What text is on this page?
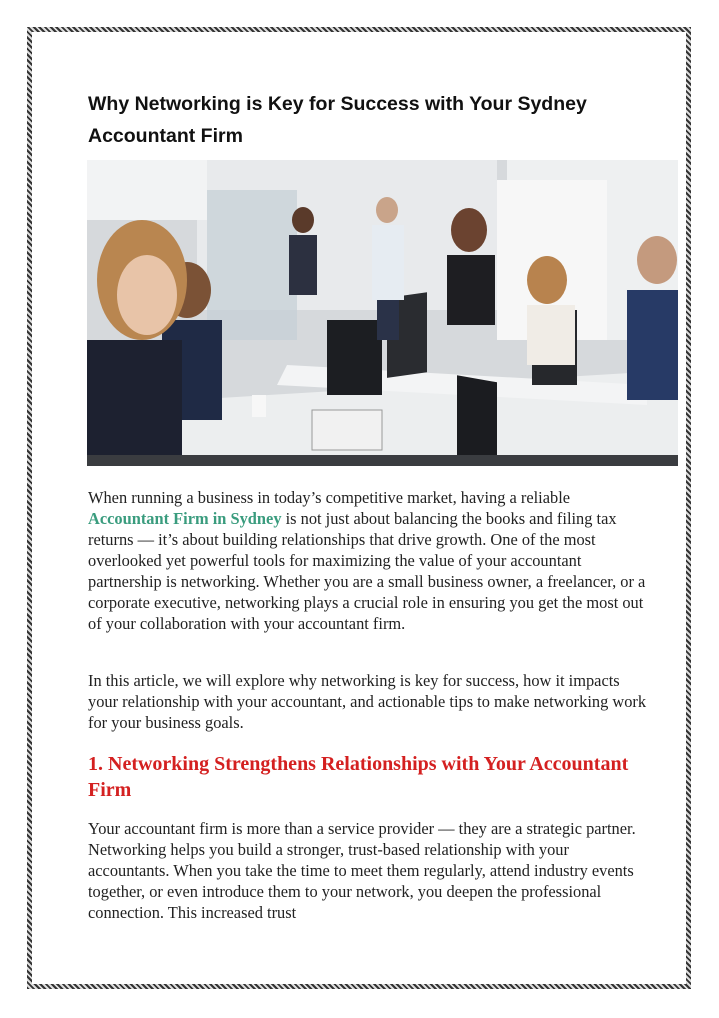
Why Networking is Key for Success with Your Sydney Accountant Firm

When running a business in today’s competitive market, having a reliable Accountant Firm in Sydney is not just about balancing the books and filing tax returns — it’s about building relationships that drive growth. One of the most overlooked yet powerful tools for maximizing the value of your accountant partnership is networking. Whether you are a small business owner, a freelancer, or a corporate executive, networking plays a crucial role in ensuring you get the most out of your collaboration with your accountant firm.

In this article, we will explore why networking is key for success, how it impacts your relationship with your accountant, and actionable tips to make networking work for your business goals.

1. Networking Strengthens Relationships with Your Accountant Firm

Your accountant firm is more than a service provider — they are a strategic partner. Networking helps you build a stronger, trust-based relationship with your accountants. When you take the time to meet them regularly, attend industry events together, or even introduce them to your network, you deepen the professional connection. This increased trust
